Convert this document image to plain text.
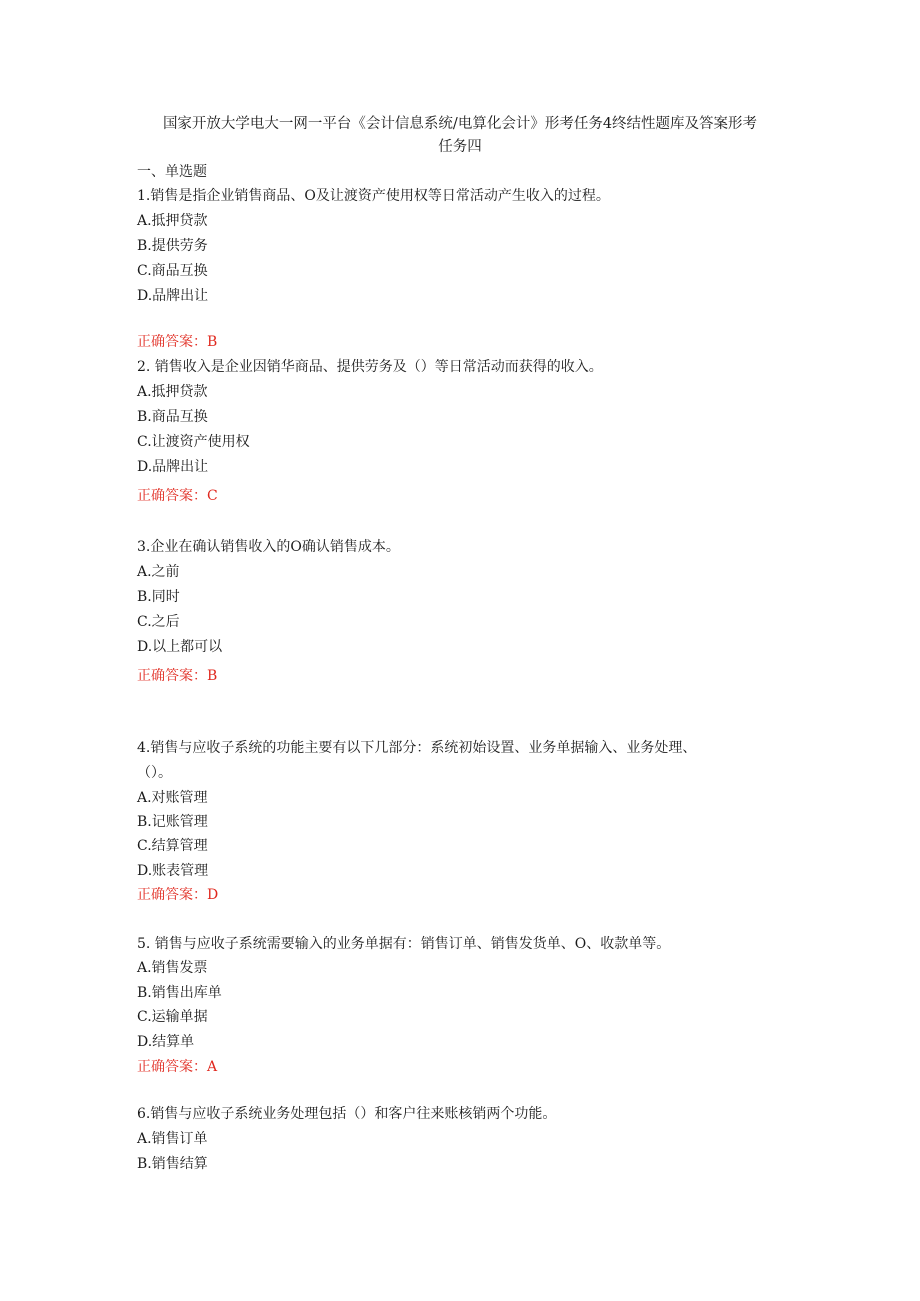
国家开放大学电大一网一平台《会计信息系统/电算化会计》形考任务4终结性题库及答案形考
任务四
一、单选题
1.销售是指企业销售商品、O及让渡资产使用权等日常活动产生收入的过程。
A.抵押贷款
B.提供劳务
C.商品互换
D.品牌出让
正确答案：B
2. 销售收入是企业因销华商品、提供劳务及（）等日常活动而获得的收入。
A.抵押贷款
B.商品互换
C.让渡资产使用权
D.品牌出让
正确答案：C
3.企业在确认销售收入的O确认销售成本。
A.之前
B.同时
C.之后
D.以上都可以
正确答案：B
4.销售与应收子系统的功能主要有以下几部分：系统初始设置、业务单据输入、业务处理、
（）。
A.对账管理
B.记账管理
C.结算管理
D.账表管理
正确答案：D
5. 销售与应收子系统需要输入的业务单据有：销售订单、销售发货单、O、收款单等。
A.销售发票
B.销售出库单
C.运输单据
D.结算单
正确答案：A
6.销售与应收子系统业务处理包括（）和客户往来账核销两个功能。
A.销售订单
B.销售结算
